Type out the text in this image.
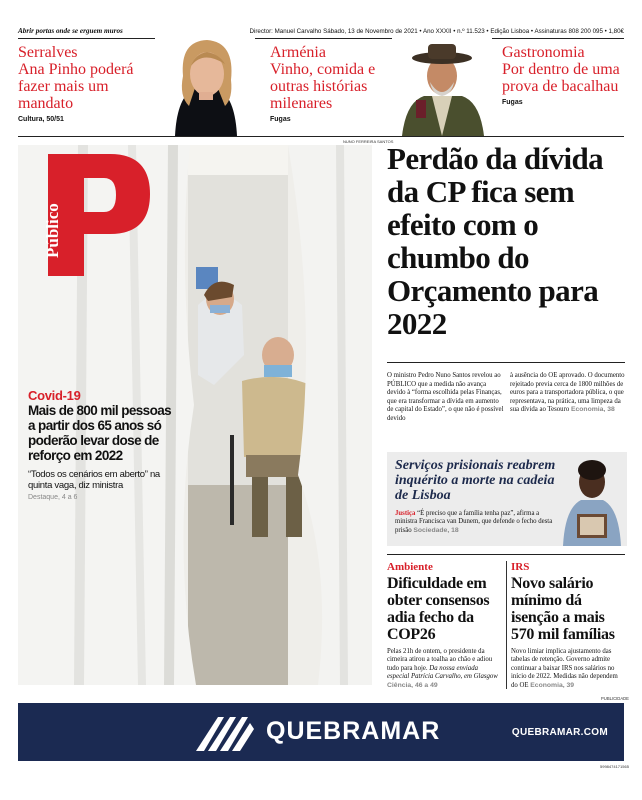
Abrir portas onde se erguem muros	Director: Manuel Carvalho Sábado, 13 de Novembro de 2021 • Ano XXXII • n.º 11.523 • Edição Lisboa • Assinaturas 808 200 095 • 1,80€
Serralves
Ana Pinho poderá fazer mais um mandato
Cultura, 50/51
Arménia
Vinho, comida e outras histórias milenares
Fugas
Gastronomia
Por dentro de uma prova de bacalhau
Fugas
NUNO FERREIRA SANTOS
Público
Covid-19
Mais de 800 mil pessoas a partir dos 65 anos só poderão levar dose de reforço em 2022
“Todos os cenários em aberto” na quinta vaga, diz ministra
Destaque, 4 a 6
Perdão da dívida da CP fica sem efeito com o chumbo do Orçamento para 2022
O ministro Pedro Nuno Santos revelou ao PÚBLICO que a medida não avança devido à “forma escolhida pelas Finanças, que era transformar a dívida em aumento de capital do Estado”, o que não é possível devido
à ausência do OE aprovado. O documento rejeitado previa cerca de 1800 milhões de euros para a transportadora pública, o que representava, na prática, uma limpeza da sua dívida ao Tesouro Economia, 38
Serviços prisionais reabrem inquérito a morte na cadeia de Lisboa
Justiça “É preciso que a família tenha paz”, afirma a ministra Francisca van Dunem, que defende o fecho desta prisão Sociedade, 18
Ambiente
Dificuldade em obter consensos adia fecho da COP26
Pelas 21h de ontem, o presidente da cimeira atirou a toalha ao chão e adiou tudo para hoje. Da nossa enviada especial Patrícia Carvalho, em Glasgow Ciência, 46 a 49
IRS
Novo salário mínimo dá isenção a mais 570 mil famílias
Novo limiar implica ajustamento das tabelas de retenção. Governo admite continuar a baixar IRS nos salários no início de 2022. Medidas não dependem do OE Economia, 39
PUBLICIDADE
QUEBRAMAR	QUEBRAMAR.COM
5998474171565
